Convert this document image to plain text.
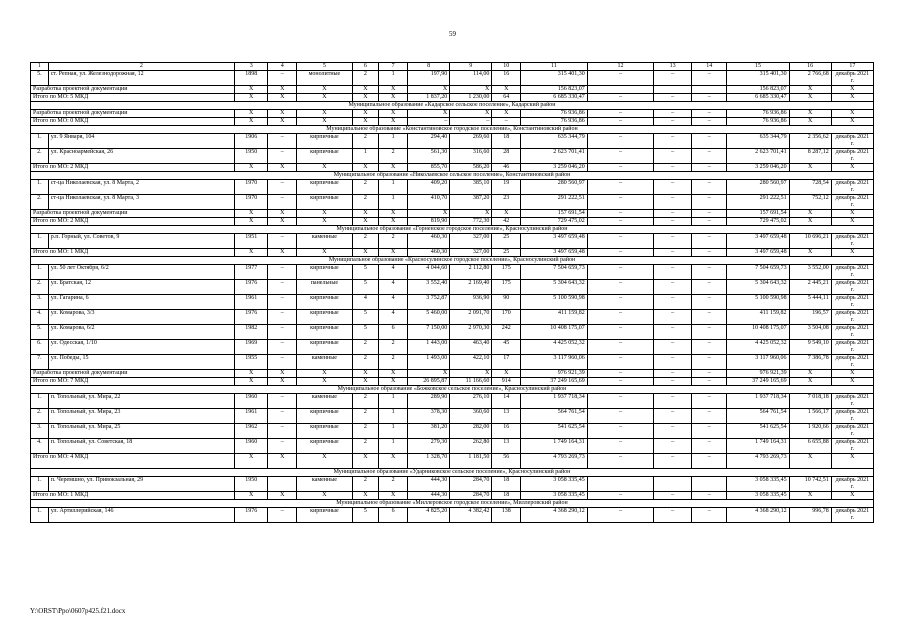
59
1	2	3	4	5	6	7	8	9	10	11	12	13	14	15	16	17
5.	ст. Репная, ул. Железнодорожная, 12	1898	–	монолитные	2	1	197,90	114,00	16	315 401,30	–	–	–	315 401,30	2 766,68	декабрь 2021 г.
Разработка проектной документации		X	X	X	X	X	X	X	X	156 823,07				156 823,07	X	X
Итого по МО: 5 МКД		X	X	X	X	X	1 837,20	1 230,00	64	6 685 330,47	–	–	–	6 685 330,47	X	X
Муниципальное образование «Кадарское сельское поселение», Кадарский район																
Разработка проектной документации		X	X	X	X	X	X	X	X	76 936,86	–	–	–	76 936,86	X	X
Итого по МО: 0 МКД		X	X	X	X	X	–	–	–	76 936,86	–	–	–	76 936,86	X	X
Муниципальное образование «Константиновское городское поселение», Константиновский район																
1.	ул. 9 Января, 104	1906	–	кирпичные	2	1	294,40	269,60	18	635 344,79	–	–	–	635 344,79	2 356,62	декабрь 2021 г.
2.	ул. Красноармейская, 26	1950	–	кирпичные	1	2	561,30	316,60	28	2 623 701,41	–	–	–	2 623 701,41	8 287,12	декабрь 2021 г.
Итого по МО: 2 МКД		X	X	X	X	X	855,70	586,20	46	3 259 046,20	–	–	–	3 259 046,20	X	X
Муниципальное образование «Николаевское сельское поселение», Константиновский район																
1.	ст-ца Николаевская, ул. 8 Марта, 2	1970	–	кирпичные	2	1	409,20	385,10	19	280 560,97	–	–	–	280 560,97	728,54	декабрь 2021 г.
2.	ст-ца Николаевская, ул. 8 Марта, 3	1970	–	кирпичные	2	1	410,70	387,20	23	291 222,51	–	–	–	291 222,51	752,12	декабрь 2021 г.
Разработка проектной документации		X	X	X	X	X	X	X	X	157 691,54	–	–	–	157 691,54	X	X
Итого по МО: 2 МКД		X	X	X	X	X	819,90	772,30	42	729 475,02	–	–	–	729 475,02	X	X
Муниципальное образование «Горненское городское поселение», Красносулинский район																
1.	р.п. Горный, ул. Советов, 9	1951	–	каменные	2	2	460,30	327,00	25	3 497 659,48	–	–	–	3 497 659,48	10 696,21	декабрь 2021 г.
Итого по МО: 1 МКД		X	X	X	X	X	460,30	327,00	25	3 497 659,48	–	–	–	3 497 659,48	X	X
Муниципальное образование «Красносулинское городское поселение», Красносулинский район																
1.	ул. 50 лет Октября, 6/2	1977	–	кирпичные	5	4	4 044,60	2 112,80	175	7 504 659,73	–	–	–	7 504 659,73	3 552,00	декабрь 2021 г.
2.	ул. Братская, 12	1976	–	панельные	5	4	3 552,40	2 169,40	175	5 304 643,32	–	–	–	5 304 643,32	2 445,21	декабрь 2021 г.
3.	ул. Гагарина, 6	1961	–	кирпичные	4	4	3 752,87	936,90	90	5 100 590,98	–	–	–	5 100 590,98	5 444,11	декабрь 2021 г.
4.	ул. Комарова, 3/3	1976	–	кирпичные	5	4	5 460,00	2 091,70	170	411 159,82	–	–	–	411 159,82	196,57	декабрь 2021 г.
5.	ул. Комарова, 6/2	1982	–	кирпичные	5	6	7 150,00	2 970,30	242	10 408 175,07	–	–	–	10 408 175,07	3 504,08	декабрь 2021 г.
6.	ул. Одесская, 1/10	1969	–	кирпичные	2	2	1 443,00	463,40	45	4 425 052,32	–	–	–	4 425 052,32	9 549,10	декабрь 2021 г.
7.	ул. Победы, 15	1955	–	каменные	2	2	1 493,00	422,10	17	3 117 960,06	–	–	–	3 117 960,06	7 386,78	декабрь 2021 г.
Разработка проектной документации		X	X	X	X	X	X	X	X	976 921,39	–	–	–	976 921,39	X	X
Итого по МО: 7 МКД		X	X	X	X	X	26 895,87	11 166,60	914	37 249 165,69	–	–	–	37 249 165,69	X	X
Муниципальное образование «Божковское сельское поселение», Красносулинский район																
1.	п. Топольный, ул. Мира, 22	1960	–	каменные	2	1	289,90	276,10	14	1 937 718,34	–	–	–	1 937 718,34	7 018,18	декабрь 2021 г.
2.	п. Топольный, ул. Мира, 23	1961	–	кирпичные	2	1	378,30	360,60	13	564 761,54	–	–	–	564 761,54	1 566,17	декабрь 2021 г.
3.	п. Топольный, ул. Мира, 25	1962	–	кирпичные	2	1	381,20	282,00	16	541 625,54	–	–	–	541 625,54	1 920,66	декабрь 2021 г.
4.	п. Топольный, ул. Советская, 18	1960	–	кирпичные	2	1	279,30	262,80	13	1 749 164,31	–	–	–	1 749 164,31	6 655,88	декабрь 2021 г.
Итого по МО: 4 МКД		X	X	X	X	X	1 328,70	1 181,50	56	4 793 269,73	–	–	–	4 793 269,73	X	X
Муниципальное образование «Ударниковское сельское поселение», Красносулинский район																
1.	п. Черемшно, ул. Привокзальная, 29	1950		каменные	2	2	444,30	284,70	18	3 058 335,45				3 058 335,45	10 742,51	декабрь 2021 г.
Итого по МО: 1 МКД		X	X	X	X	X	444,30	284,70	18	3 058 335,45	–	–	–	3 058 335,45	X	X
Муниципальное образование «Миллеровское городское поселение», Миллеровский район																
1.	ул. Артиллерийская, 146	1976	–	кирпичные	5	6	4 825,20	4 382,42	138	4 368 290,12	–	–	–	4 368 290,12	996,78	декабрь 2021 г.
Y:\ORST\Ppo\0607p425.f21.docx
